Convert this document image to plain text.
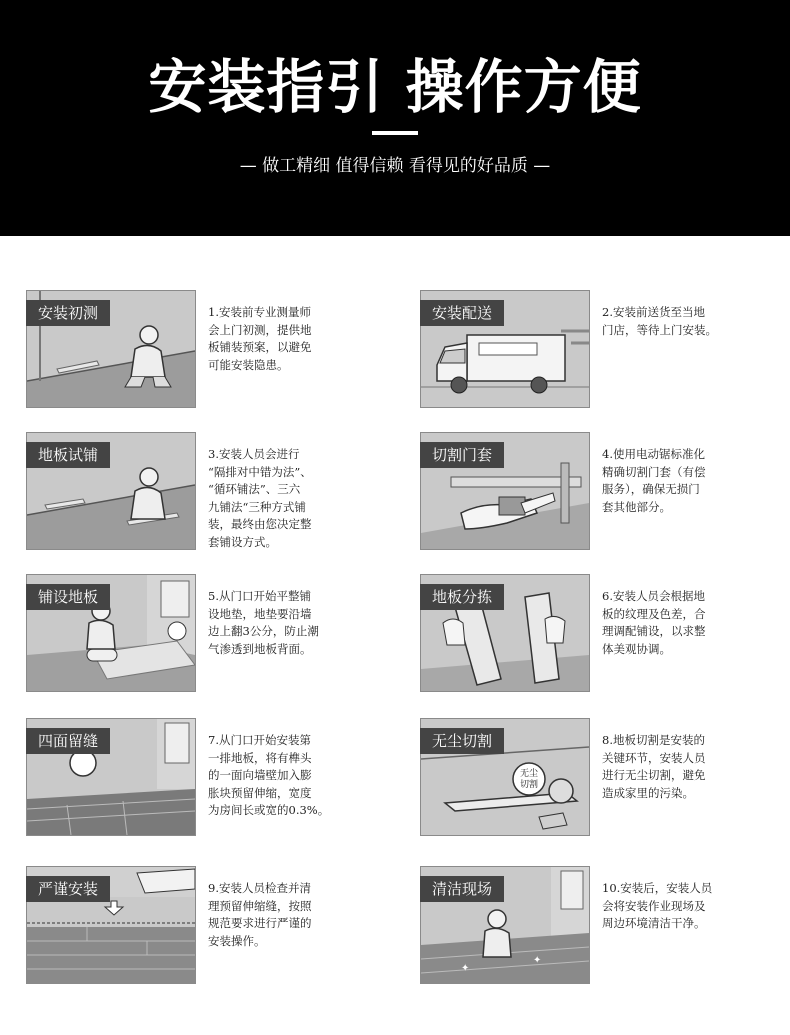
安装指引 操作方便
— 做工精细 值得信赖 看得见的好品质 —
安装初测	1.安装前专业测量师
会上门初测，提供地
板铺装预案，以避免
可能安装隐患。
安装配送	2.安装前送货至当地
门店，等待上门安装。
地板试铺	3.安装人员会进行
“隔排对中错为法”、
“循环铺法”、三六
九铺法“三种方式铺
装，最终由您决定整
套铺设方式。
切割门套	4.使用电动锯标准化
精确切割门套（有偿
服务），确保无损门
套其他部分。
铺设地板	5.从门口开始平整铺
设地垫，地垫要沿墙
边上翻3公分，防止潮
气渗透到地板背面。
地板分拣	6.安装人员会根据地
板的纹理及色差，合
理调配铺设，以求整
体美观协调。
四面留缝	7.从门口开始安装第
一排地板，将有榫头
的一面向墙壁加入膨
胀块预留伸缩，宽度
为房间长或宽的0.3%。
无尘
切割
无尘切割	8.地板切割是安装的
关键环节，安装人员
进行无尘切割，避免
造成家里的污染。
严谨安装	9.安装人员检查并清
理预留伸缩缝，按照
规范要求进行严谨的
安装操作。
✦
✦
清洁现场	10.安装后，安装人员
会将安装作业现场及
周边环境清洁干净。
